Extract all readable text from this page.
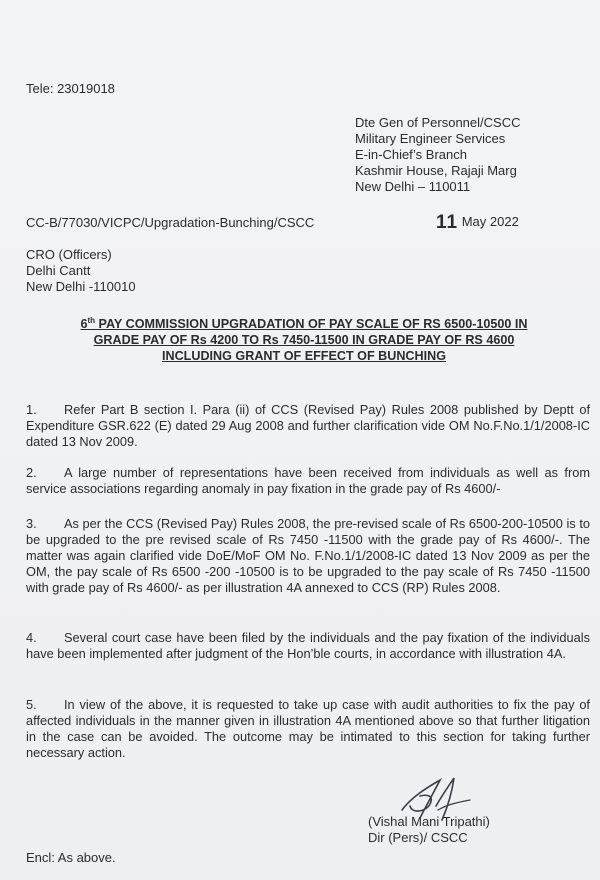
Tele: 23019018
Dte Gen of Personnel/CSCC
Military Engineer Services
E-in-Chief’s Branch
Kashmir House, Rajaji Marg
New Delhi – 110011
CC-B/77030/VICPC/Upgradation-Bunching/CSCC	11 May 2022
CRO (Officers)
Delhi Cantt
New Delhi -110010
6th PAY COMMISSION UPGRADATION OF PAY SCALE OF RS 6500-10500 IN
GRADE PAY OF Rs 4200 TO Rs 7450-11500 IN GRADE PAY OF RS 4600
INCLUDING GRANT OF EFFECT OF BUNCHING
1. Refer Part B section I. Para (ii) of CCS (Revised Pay) Rules 2008 published by Deptt of Expenditure GSR.622 (E) dated 29 Aug 2008 and further clarification vide OM No.F.No.1/1/2008-IC dated 13 Nov 2009.
2. A large number of representations have been received from individuals as well as from service associations regarding anomaly in pay fixation in the grade pay of Rs 4600/-
3. As per the CCS (Revised Pay) Rules 2008, the pre-revised scale of Rs 6500-200-10500 is to be upgraded to the pre revised scale of Rs 7450 -11500 with the grade pay of Rs 4600/-. The matter was again clarified vide DoE/MoF OM No. F.No.1/1/2008-IC dated 13 Nov 2009 as per the OM, the pay scale of Rs 6500 -200 -10500 is to be upgraded to the pay scale of Rs 7450 -11500 with grade pay of Rs 4600/- as per illustration 4A annexed to CCS (RP) Rules 2008.
4. Several court case have been filed by the individuals and the pay fixation of the individuals have been implemented after judgment of the Hon’ble courts, in accordance with illustration 4A.
5. In view of the above, it is requested to take up case with audit authorities to fix the pay of affected individuals in the manner given in illustration 4A mentioned above so that further litigation in the case can be avoided. The outcome may be intimated to this section for taking further necessary action.
(Vishal Mani Tripathi)
Dir (Pers)/ CSCC
Encl: As above.
